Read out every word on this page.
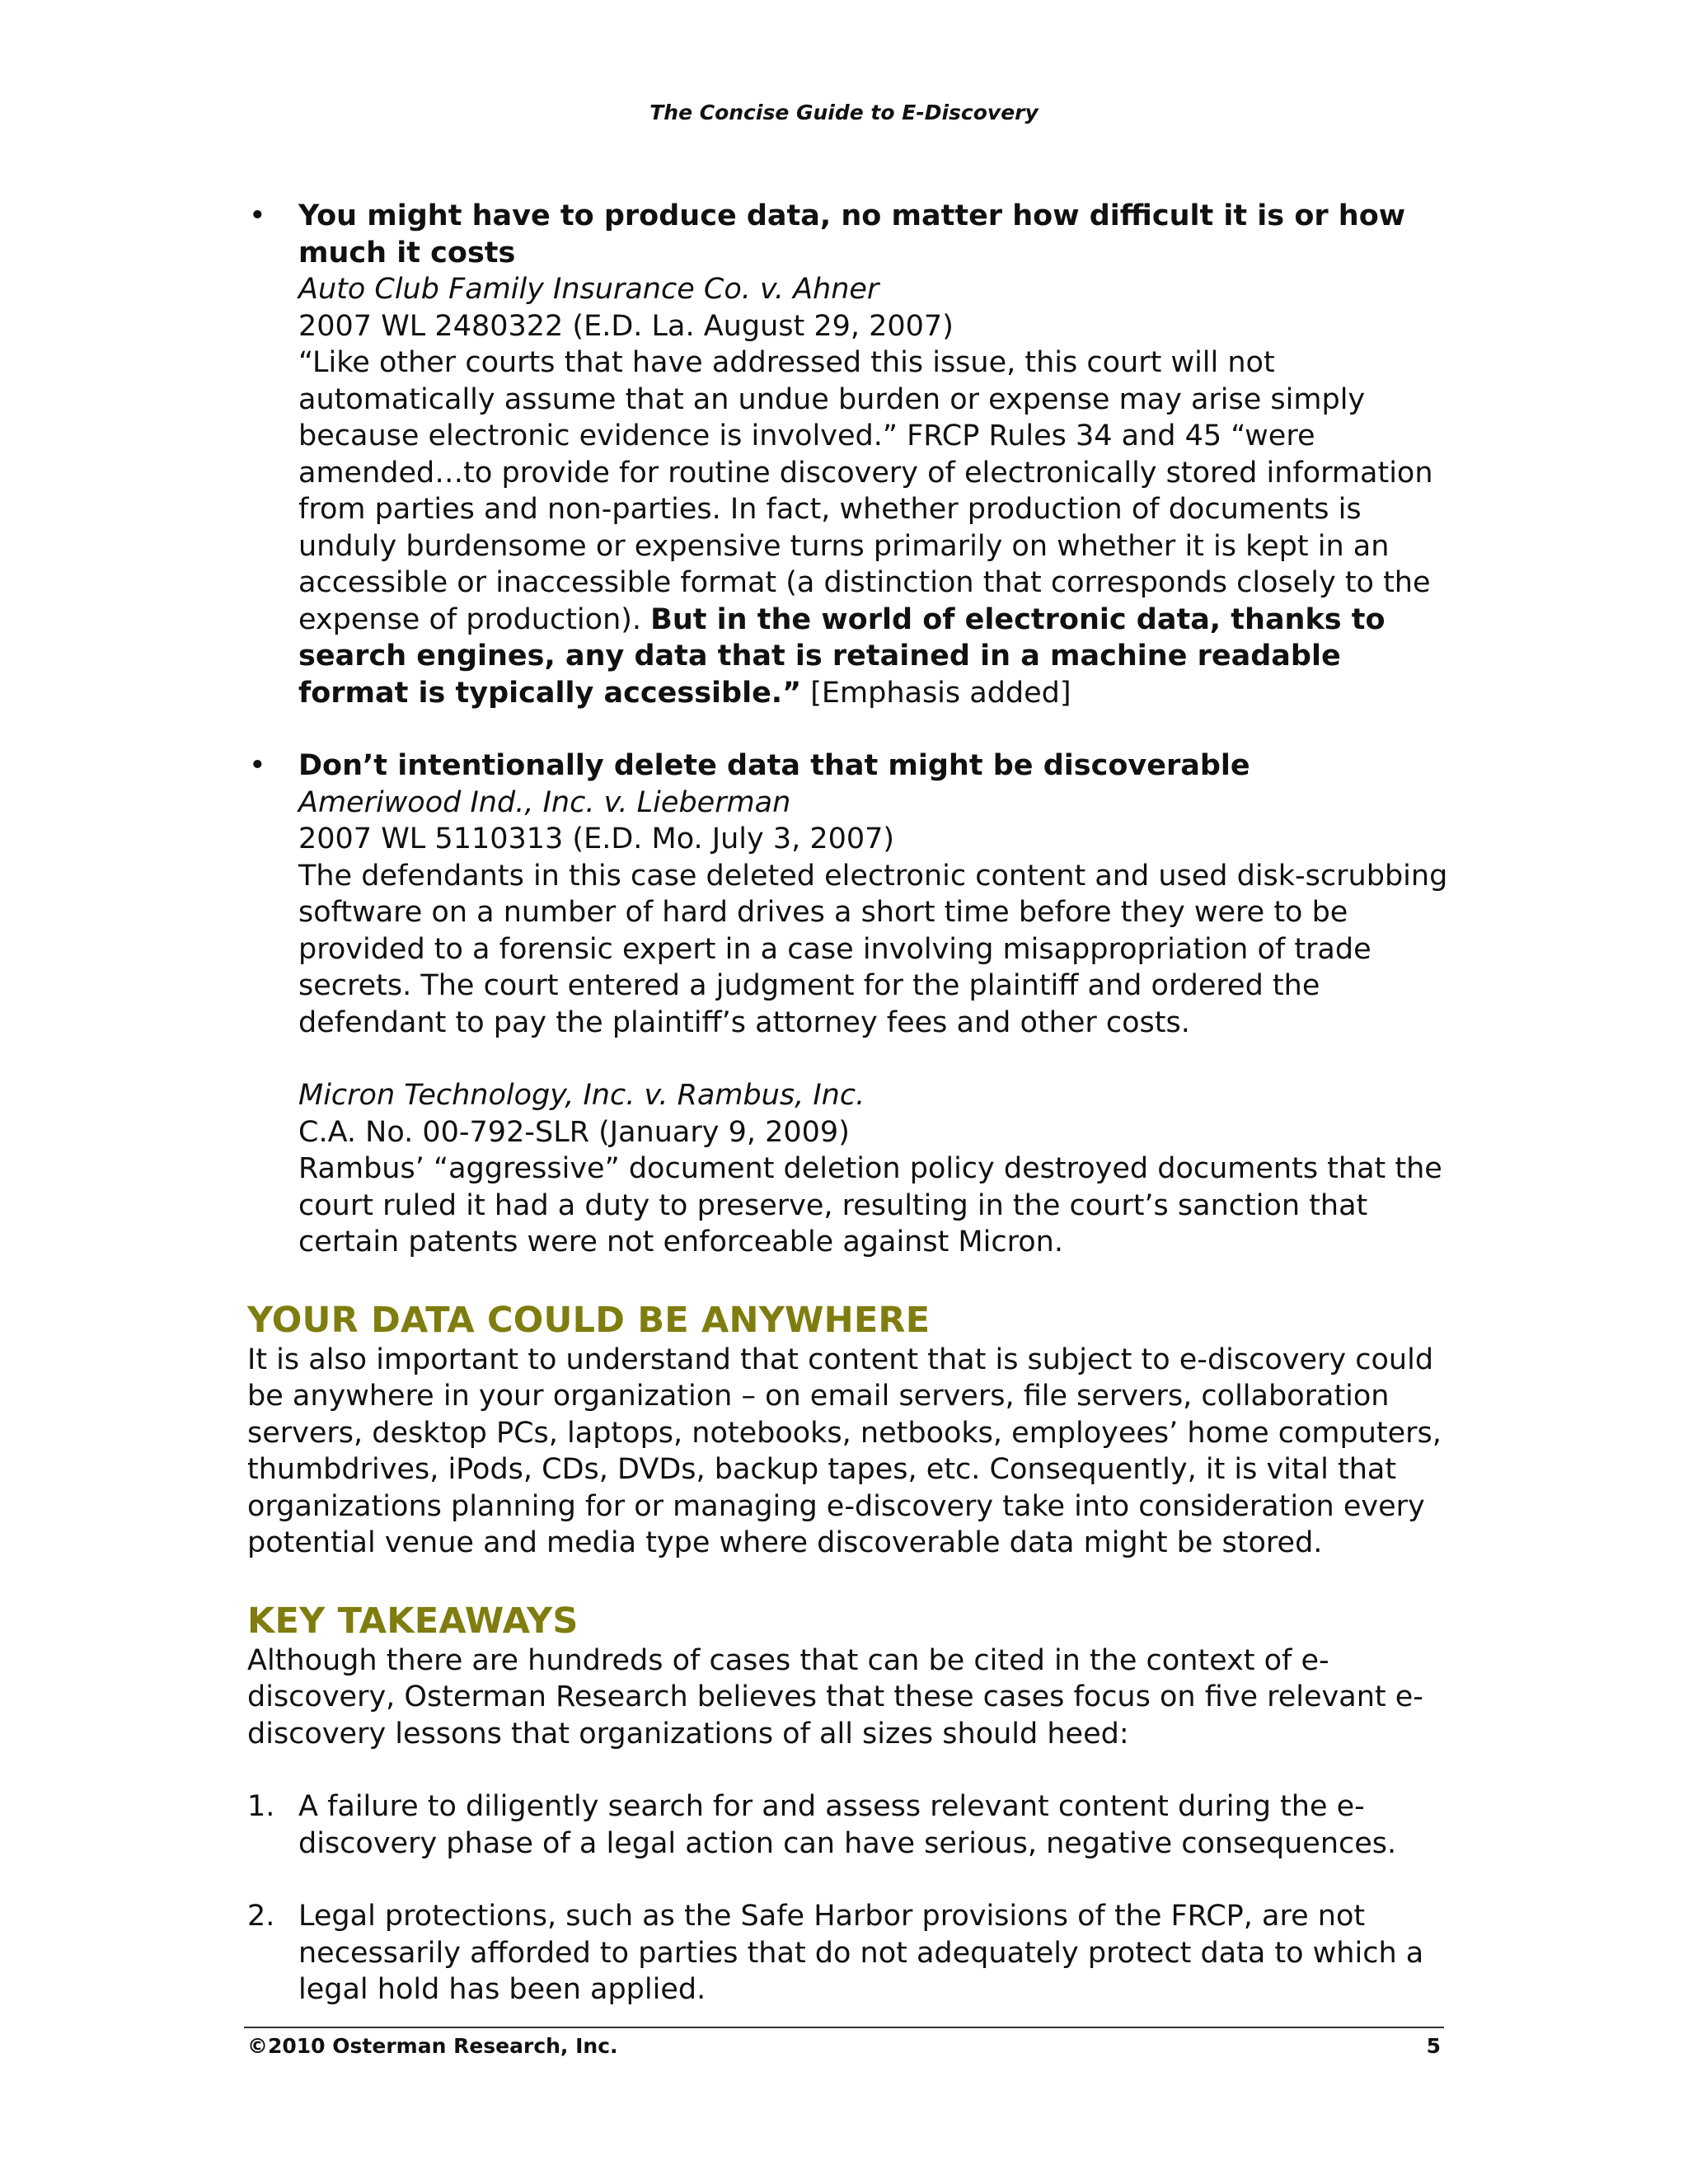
The Concise Guide to E-Discovery
• You might have to produce data, no matter how difficult it is or how much it costs
Auto Club Family Insurance Co. v. Ahner
2007 WL 2480322 (E.D. La. August 29, 2007)
“Like other courts that have addressed this issue, this court will not automatically assume that an undue burden or expense may arise simply because electronic evidence is involved.” FRCP Rules 34 and 45 “were amended…to provide for routine discovery of electronically stored information from parties and non-parties. In fact, whether production of documents is unduly burdensome or expensive turns primarily on whether it is kept in an accessible or inaccessible format (a distinction that corresponds closely to the expense of production). But in the world of electronic data, thanks to search engines, any data that is retained in a machine readable format is typically accessible.” [Emphasis added]
• Don’t intentionally delete data that might be discoverable
Ameriwood Ind., Inc. v. Lieberman
2007 WL 5110313 (E.D. Mo. July 3, 2007)
The defendants in this case deleted electronic content and used disk-scrubbing software on a number of hard drives a short time before they were to be provided to a forensic expert in a case involving misappropriation of trade secrets. The court entered a judgment for the plaintiff and ordered the defendant to pay the plaintiff’s attorney fees and other costs.
Micron Technology, Inc. v. Rambus, Inc.
C.A. No. 00-792-SLR (January 9, 2009)
Rambus’ “aggressive” document deletion policy destroyed documents that the court ruled it had a duty to preserve, resulting in the court’s sanction that certain patents were not enforceable against Micron.
YOUR DATA COULD BE ANYWHERE

It is also important to understand that content that is subject to e-discovery could be anywhere in your organization – on email servers, file servers, collaboration servers, desktop PCs, laptops, notebooks, netbooks, employees’ home computers, thumbdrives, iPods, CDs, DVDs, backup tapes, etc. Consequently, it is vital that organizations planning for or managing e-discovery take into consideration every potential venue and media type where discoverable data might be stored.

KEY TAKEAWAYS

Although there are hundreds of cases that can be cited in the context of e-discovery, Osterman Research believes that these cases focus on five relevant e-discovery lessons that organizations of all sizes should heed:

1. A failure to diligently search for and assess relevant content during the e-discovery phase of a legal action can have serious, negative consequences.
2. Legal protections, such as the Safe Harbor provisions of the FRCP, are not necessarily afforded to parties that do not adequately protect data to which a legal hold has been applied.
©2010 Osterman Research, Inc.	5
